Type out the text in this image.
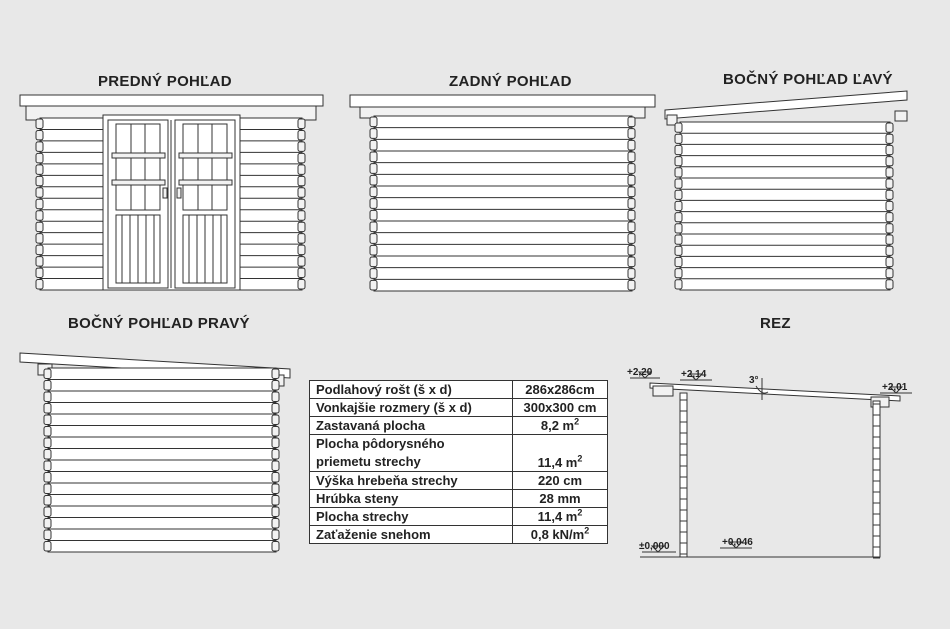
PREDNÝ POHĽAD	ZADNÝ POHĽAD	BOČNÝ POHĽAD ĽAVÝ
BOČNÝ POHĽAD PRAVÝ	REZ
+2,20	+2,14
3°
+2,01
±0,000	+0,046
Podlahový rošt (š x d)	286x286cm
Vonkajšie rozmery (š x d)	300x300 cm
Zastavaná plocha	8,2 $m^2$
Plocha pôdorysného
priemetu strechy	11,4 $m^2$
Výška hrebeňa strechy	220 cm
Hrúbka steny	28 mm
Plocha strechy	11,4 $m^2$
Zaťaženie snehom	0,8 $kN/m^2$
